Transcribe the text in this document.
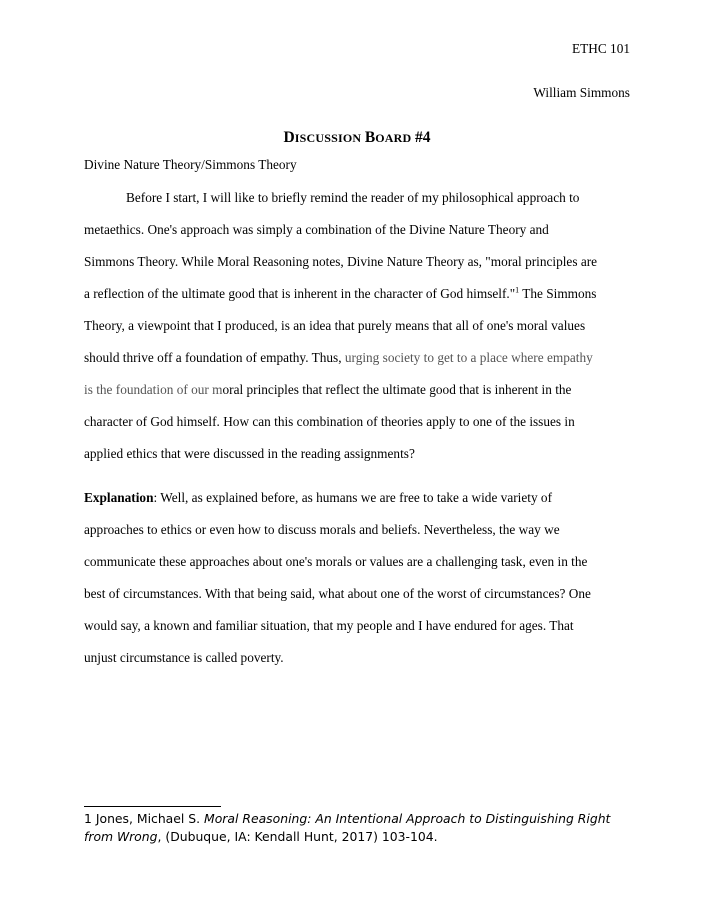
ETHC 101
William Simmons
DISCUSSION BOARD #4
Divine Nature Theory/Simmons Theory
Before I start, I will like to briefly remind the reader of my philosophical approach to
metaethics. One's approach was simply a combination of the Divine Nature Theory and
Simmons Theory. While Moral Reasoning notes, Divine Nature Theory as, "moral principles are
a reflection of the ultimate good that is inherent in the character of God himself."$^1$ The Simmons
Theory, a viewpoint that I produced, is an idea that purely means that all of one's moral values
should thrive off a foundation of empathy. Thus, urging society to get to a place where empathy
is the foundation of our moral principles that reflect the ultimate good that is inherent in the
character of God himself. How can this combination of theories apply to one of the issues in
applied ethics that were discussed in the reading assignments?
Explanation: Well, as explained before, as humans we are free to take a wide variety of
approaches to ethics or even how to discuss morals and beliefs. Nevertheless, the way we
communicate these approaches about one's morals or values are a challenging task, even in the
best of circumstances. With that being said, what about one of the worst of circumstances? One
would say, a known and familiar situation, that my people and I have endured for ages. That
unjust circumstance is called poverty.
1 Jones, Michael S. Moral Reasoning: An Intentional Approach to Distinguishing Right
from Wrong, (Dubuque, IA: Kendall Hunt, 2017) 103-104.
